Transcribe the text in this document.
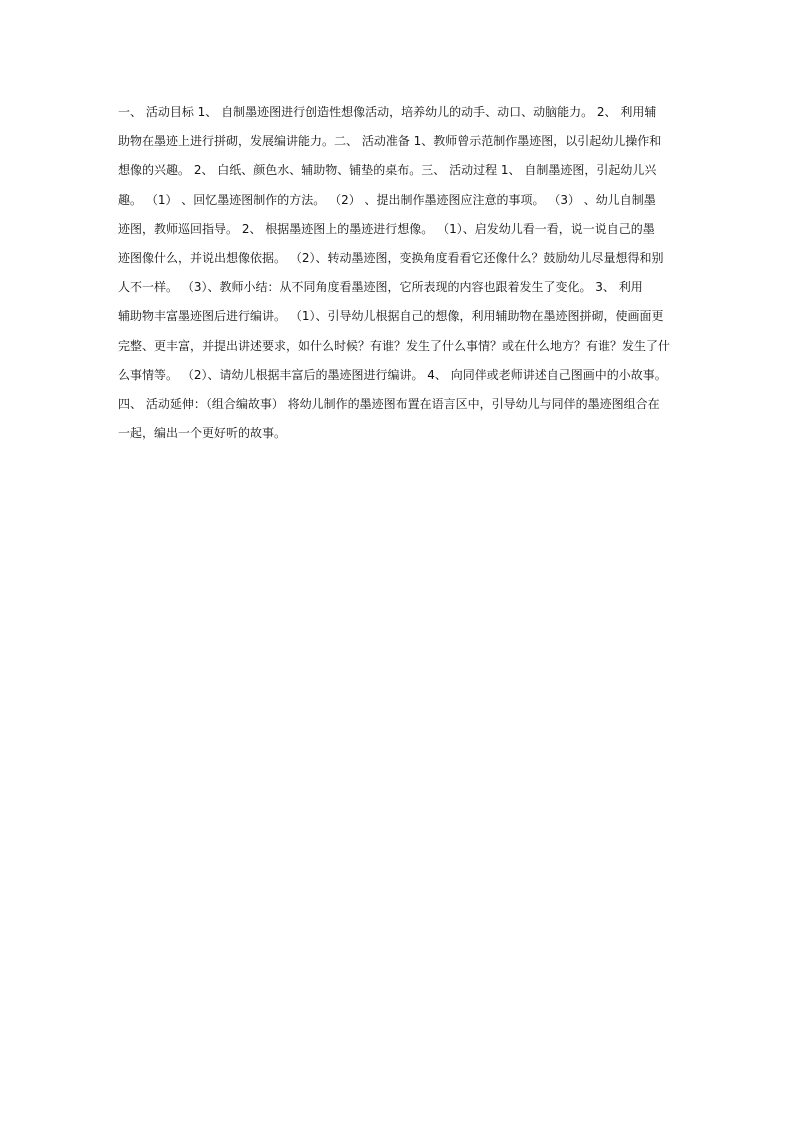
一、 活动目标 1、 自制墨迹图进行创造性想像活动，培养幼儿的动手、动口、动脑能力。 2、 利用辅
助物在墨迹上进行拼砌，发展编讲能力。二、 活动准备 1、教师曾示范制作墨迹图，以引起幼儿操作和
想像的兴趣。 2、 白纸、颜色水、辅助物、铺垫的桌布。三、 活动过程 1、 自制墨迹图，引起幼儿兴
趣。 （1） 、回忆墨迹图制作的方法。 （2） 、提出制作墨迹图应注意的事项。 （3） 、幼儿自制墨
迹图，教师巡回指导。 2、 根据墨迹图上的墨迹进行想像。 （1）、启发幼儿看一看，说一说自己的墨
迹图像什么，并说出想像依据。 （2）、转动墨迹图，变换角度看看它还像什么？鼓励幼儿尽量想得和别
人不一样。 （3）、教师小结：从不同角度看墨迹图，它所表现的内容也跟着发生了变化。 3、 利用
辅助物丰富墨迹图后进行编讲。 （1）、引导幼儿根据自己的想像，利用辅助物在墨迹图拼砌，使画面更
完整、更丰富，并提出讲述要求，如什么时候？有谁？发生了什么事情？或在什么地方？有谁？发生了什
么事情等。 （2）、请幼儿根据丰富后的墨迹图进行编讲。 4、 向同伴或老师讲述自己图画中的小故事。
四、 活动延伸：（组合编故事） 将幼儿制作的墨迹图布置在语言区中，引导幼儿与同伴的墨迹图组合在
一起，编出一个更好听的故事。
